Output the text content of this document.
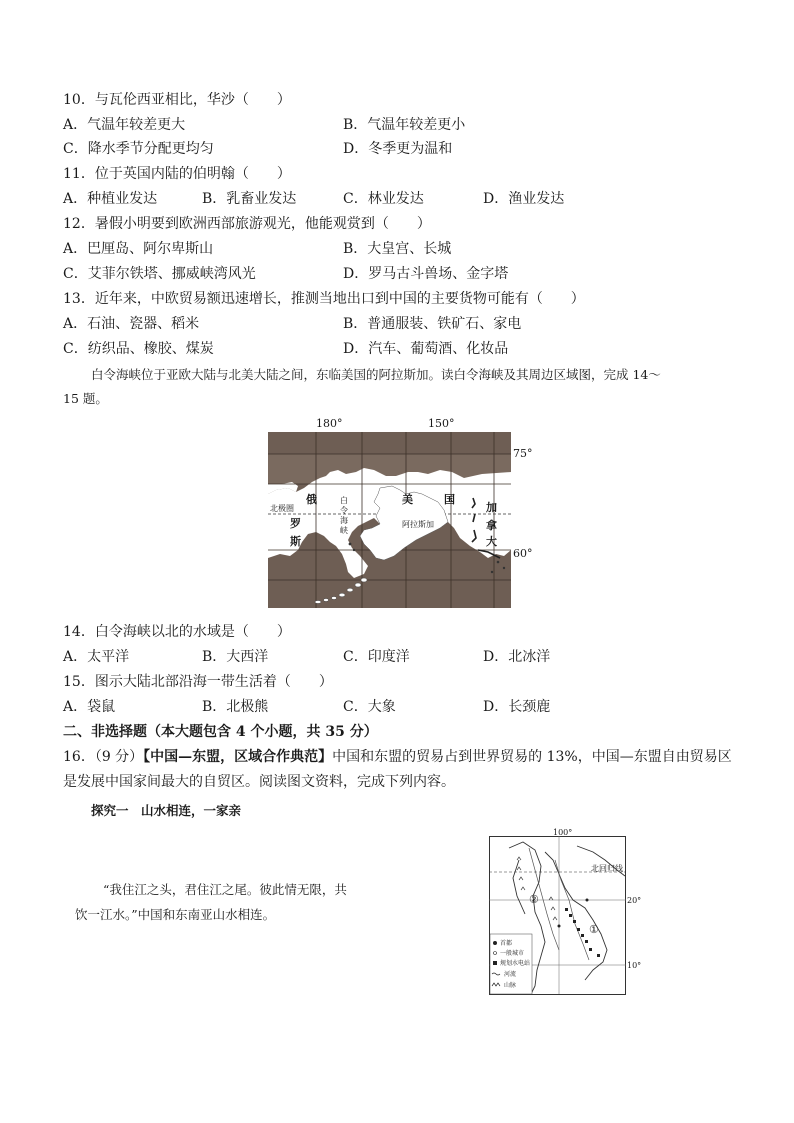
10．与瓦伦西亚相比，华沙（　　）
A．气温年较差更大	B．气温年较差更小
C．降水季节分配更均匀	D．冬季更为温和
11．位于英国内陆的伯明翰（　　）
A．种植业发达	B．乳畜业发达	C．林业发达	D．渔业发达
12．暑假小明要到欧洲西部旅游观光，他能观赏到（　　）
A．巴厘岛、阿尔卑斯山	B．大皇宫、长城
C．艾菲尔铁塔、挪威峡湾风光	D．罗马古斗兽场、金字塔
13．近年来，中欧贸易额迅速增长，推测当地出口到中国的主要货物可能有（　　）
A．石油、瓷器、稻米	B．普通服装、铁矿石、家电
C．纺织品、橡胶、煤炭	D．汽车、葡萄酒、化妆品
白令海峡位于亚欧大陆与北美大陆之间，东临美国的阿拉斯加。读白令海峡及其周边区域图，完成 14～
15 题。
180°	150°
75°
60°
北极圈
俄
罗
斯
白
令
海
峡
美	国
阿拉斯加
加
拿
大
14．白令海峡以北的水域是（　　）
A．太平洋	B．大西洋	C．印度洋	D．北冰洋
15．图示大陆北部沿海一带生活着（　　）
A．袋鼠	B．北极熊	C．大象	D．长颈鹿
二、非选择题（本大题包含 4 个小题，共 35 分）
16．（9 分）【中国—东盟，区域合作典范】中国和东盟的贸易占到世界贸易的 13%，中国—东盟自由贸易区
是发展中国家间最大的自贸区。阅读图文资料，完成下列内容。
探究一　山水相连，一家亲
“我住江之头，君住江之尾。彼此情无限，共
饮一江水。”中国和东南亚山水相连。
100°
北回归线
20°
10°
②
①
首都
一般城市
规划水电站
河流
山脉
